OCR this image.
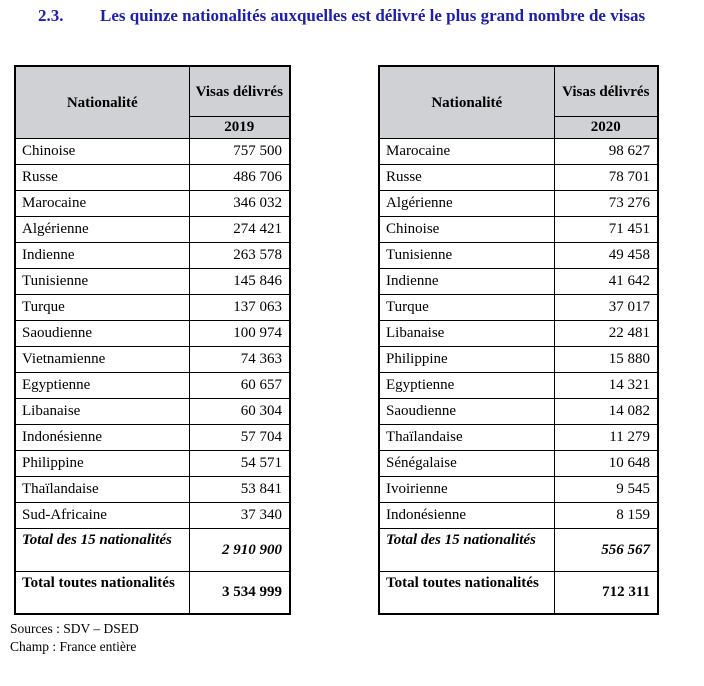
2.3.	Les quinze nationalités auxquelles est délivré le plus grand nombre de visas
Nationalité	Visas délivrés
	2019
Chinoise	757 500
Russe	486 706
Marocaine	346 032
Algérienne	274 421
Indienne	263 578
Tunisienne	145 846
Turque	137 063
Saoudienne	100 974
Vietnamienne	74 363
Egyptienne	60 657
Libanaise	60 304
Indonésienne	57 704
Philippine	54 571
Thaïlandaise	53 841
Sud-Africaine	37 340
Total des 15 nationalités	2 910 900
Total toutes nationalités	3 534 999
Nationalité	Visas délivrés
	2020
Marocaine	98 627
Russe	78 701
Algérienne	73 276
Chinoise	71 451
Tunisienne	49 458
Indienne	41 642
Turque	37 017
Libanaise	22 481
Philippine	15 880
Egyptienne	14 321
Saoudienne	14 082
Thaïlandaise	11 279
Sénégalaise	10 648
Ivoirienne	9 545
Indonésienne	8 159
Total des 15 nationalités	556 567
Total toutes nationalités	712 311
Sources : SDV – DSED
Champ : France entière
